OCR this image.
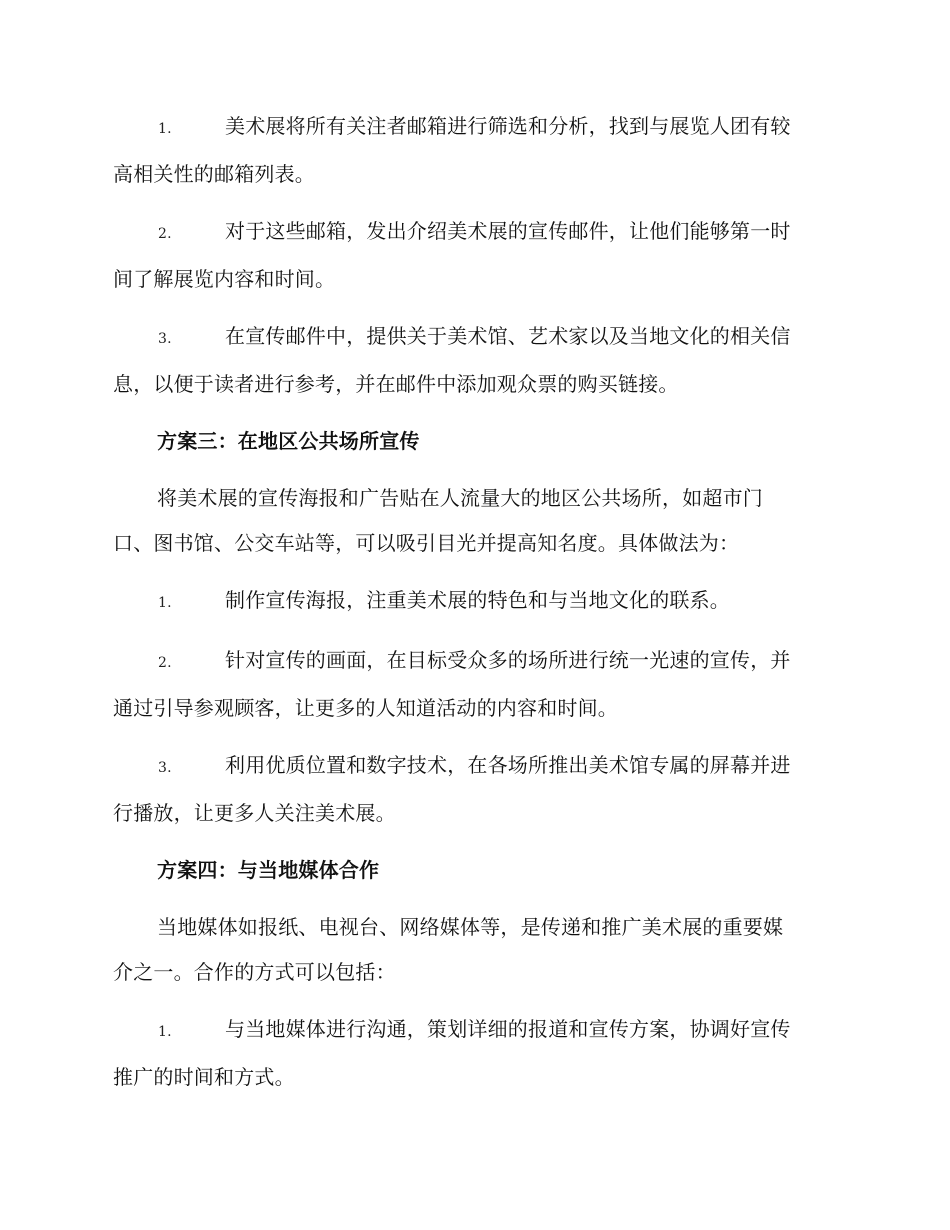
1.	美术展将所有关注者邮箱进行筛选和分析，找到与展览人团有较
高相关性的邮箱列表。
2.	对于这些邮箱，发出介绍美术展的宣传邮件，让他们能够第一时
间了解展览内容和时间。
3.	在宣传邮件中，提供关于美术馆、艺术家以及当地文化的相关信
息，以便于读者进行参考，并在邮件中添加观众票的购买链接。
方案三：在地区公共场所宣传
将美术展的宣传海报和广告贴在人流量大的地区公共场所，如超市门
口、图书馆、公交车站等，可以吸引目光并提高知名度。具体做法为：
1.	制作宣传海报，注重美术展的特色和与当地文化的联系。
2.	针对宣传的画面，在目标受众多的场所进行统一光速的宣传，并
通过引导参观顾客，让更多的人知道活动的内容和时间。
3.	利用优质位置和数字技术，在各场所推出美术馆专属的屏幕并进
行播放，让更多人关注美术展。
方案四：与当地媒体合作
当地媒体如报纸、电视台、网络媒体等，是传递和推广美术展的重要媒
介之一。合作的方式可以包括：
1.	与当地媒体进行沟通，策划详细的报道和宣传方案，协调好宣传
推广的时间和方式。
